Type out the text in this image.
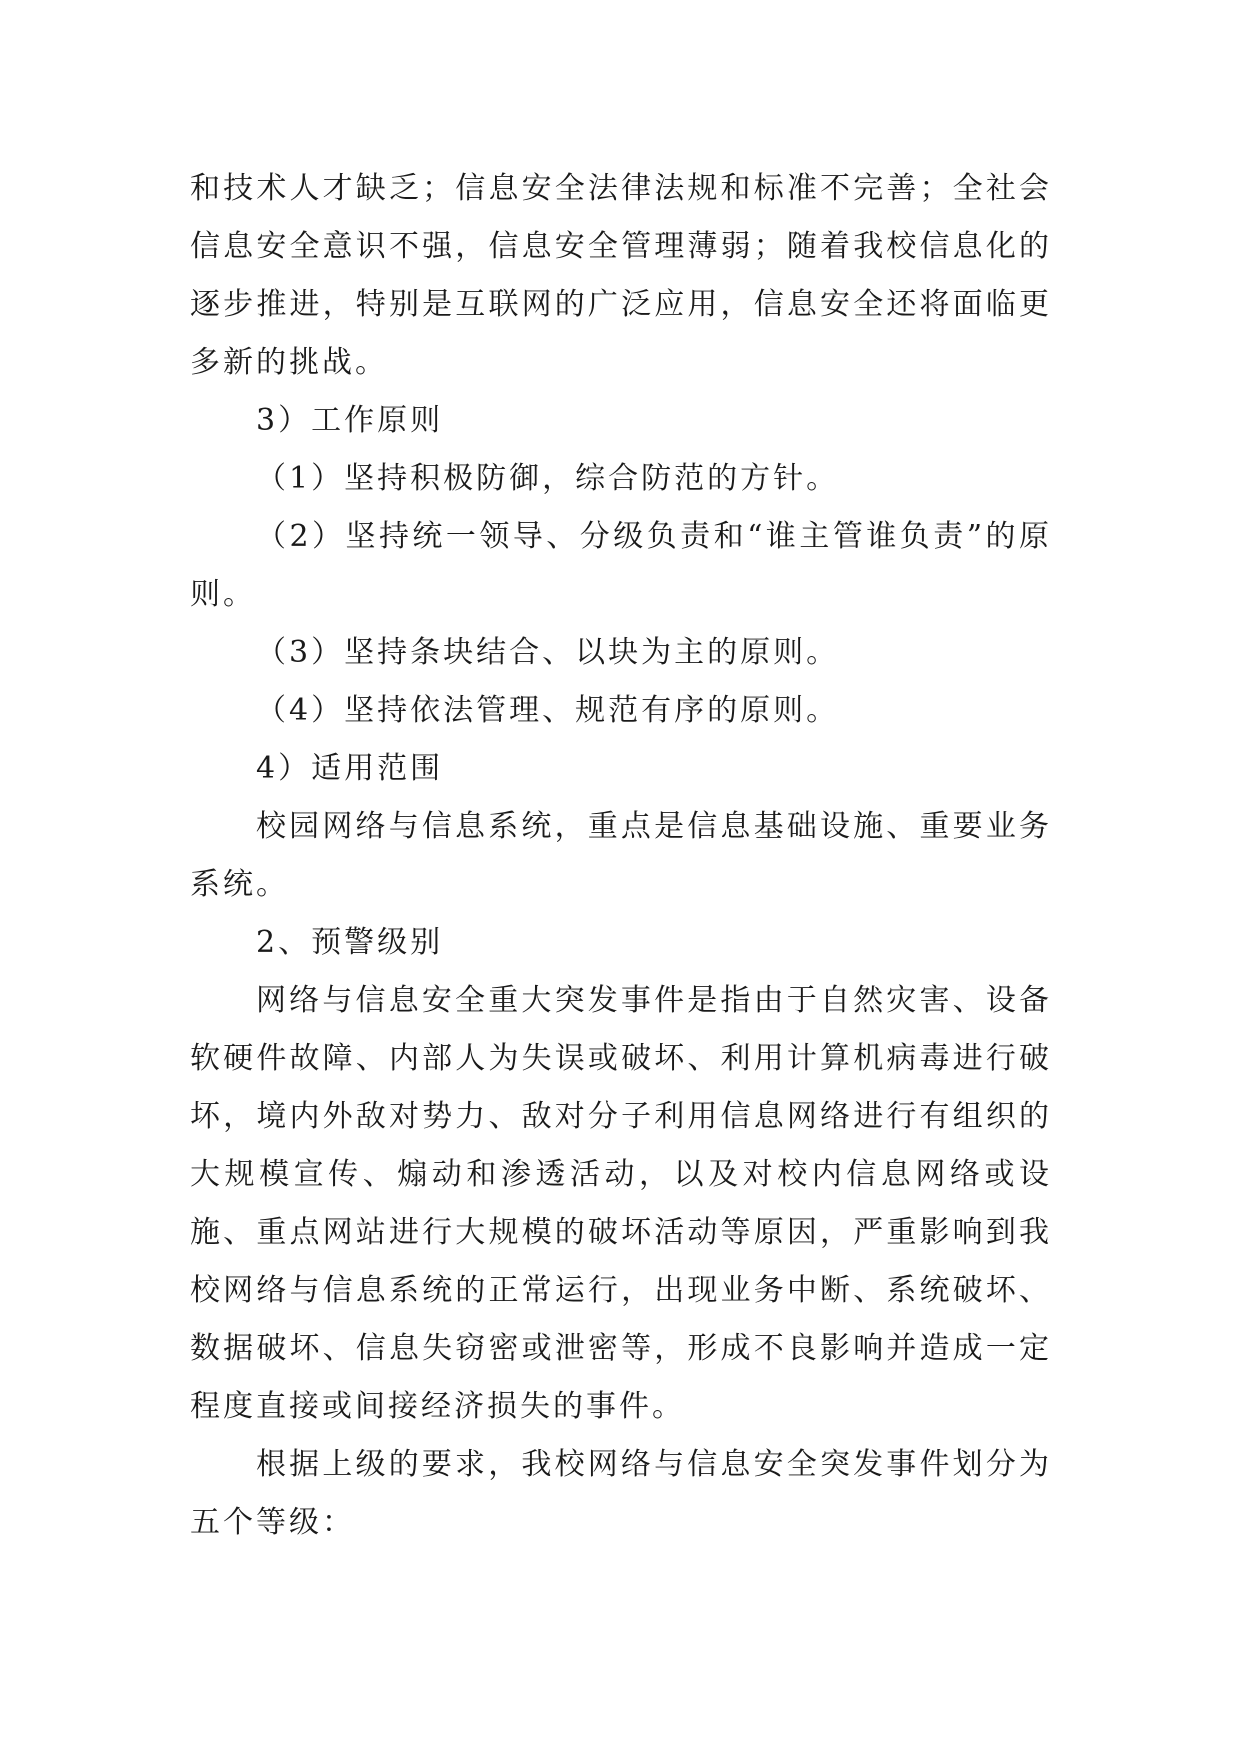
和技术人才缺乏；信息安全法律法规和标准不完善；全社会信息安全意识不强，信息安全管理薄弱；随着我校信息化的逐步推进，特别是互联网的广泛应用，信息安全还将面临更多新的挑战。

3）工作原则

（1）坚持积极防御，综合防范的方针。

（2）坚持统一领导、分级负责和“谁主管谁负责”的原则。

（3）坚持条块结合、以块为主的原则。

（4）坚持依法管理、规范有序的原则。

4）适用范围

校园网络与信息系统，重点是信息基础设施、重要业务系统。

2、预警级别

网络与信息安全重大突发事件是指由于自然灾害、设备软硬件故障、内部人为失误或破坏、利用计算机病毒进行破坏，境内外敌对势力、敌对分子利用信息网络进行有组织的大规模宣传、煽动和渗透活动，以及对校内信息网络或设施、重点网站进行大规模的破坏活动等原因，严重影响到我校网络与信息系统的正常运行，出现业务中断、系统破坏、数据破坏、信息失窃密或泄密等，形成不良影响并造成一定程度直接或间接经济损失的事件。

根据上级的要求，我校网络与信息安全突发事件划分为五个等级：
